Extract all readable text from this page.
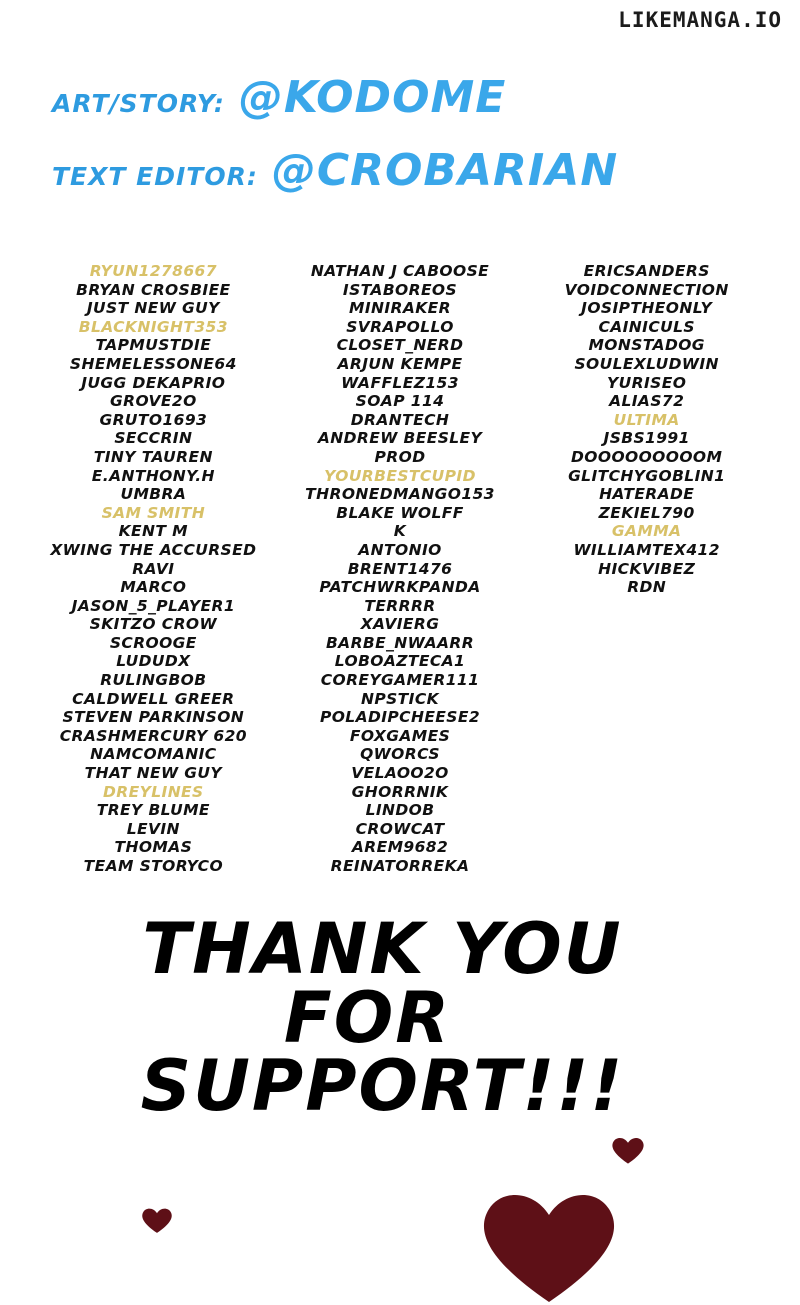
LIKEMANGA.IO
ART/STORY: @KODOME
TEXT EDITOR: @CROBARIAN
RYUN1278667
BRYAN CROSBIEE
JUST NEW GUY
BLACKNIGHT353
TAPMUSTDIE
SHEMELESSONE64
JUGG DEKAPRIO
GROVE2O
GRUTO1693
SECCRIN
TINY TAUREN
E.ANTHONY.H
UMBRA
SAM SMITH
KENT M
XWING THE ACCURSED
RAVI
MARCO
JASON_5_PLAYER1
SKITZO CROW
SCROOGE
LUDUDX
RULINGBOB
CALDWELL GREER
STEVEN PARKINSON
CRASHMERCURY 620
NAMCOMANIC
THAT NEW GUY
DREYLINES
TREY BLUME
LEVIN
THOMAS
TEAM STORYCO
NATHAN J CABOOSE
ISTABOREOS
MINIRAKER
SVRAPOLLO
CLOSET_NERD
ARJUN KEMPE
WAFFLEZ153
SOAP 114
DRANTECH
ANDREW BEESLEY
PROD
YOURBESTCUPID
THRONEDMANGO153
BLAKE WOLFF
K
ANTONIO
BRENT1476
PATCHWRKPANDA
TERRRR
XAVIERG
BARBE_NWAARR
LOBOAZTECA1
COREYGAMER111
NPSTICK
POLADIPCHEESE2
FOXGAMES
QWORCS
VELAOO2O
GHORRNIK
LINDOB
CROWCAT
AREM9682
REINATORREKA
ERICSANDERS
VOIDCONNECTION
JOSIPTHEONLY
CAINICULS
MONSTADOG
SOULEXLUDWIN
YURISEO
ALIAS72
ULTIMA
JSBS1991
DOOOOOOOOOM
GLITCHYGOBLIN1
HATERADE
ZEKIEL790
GAMMA
WILLIAMTEX412
HICKVIBEZ
RDN
THANK YOU
FOR
SUPPORT!!!
